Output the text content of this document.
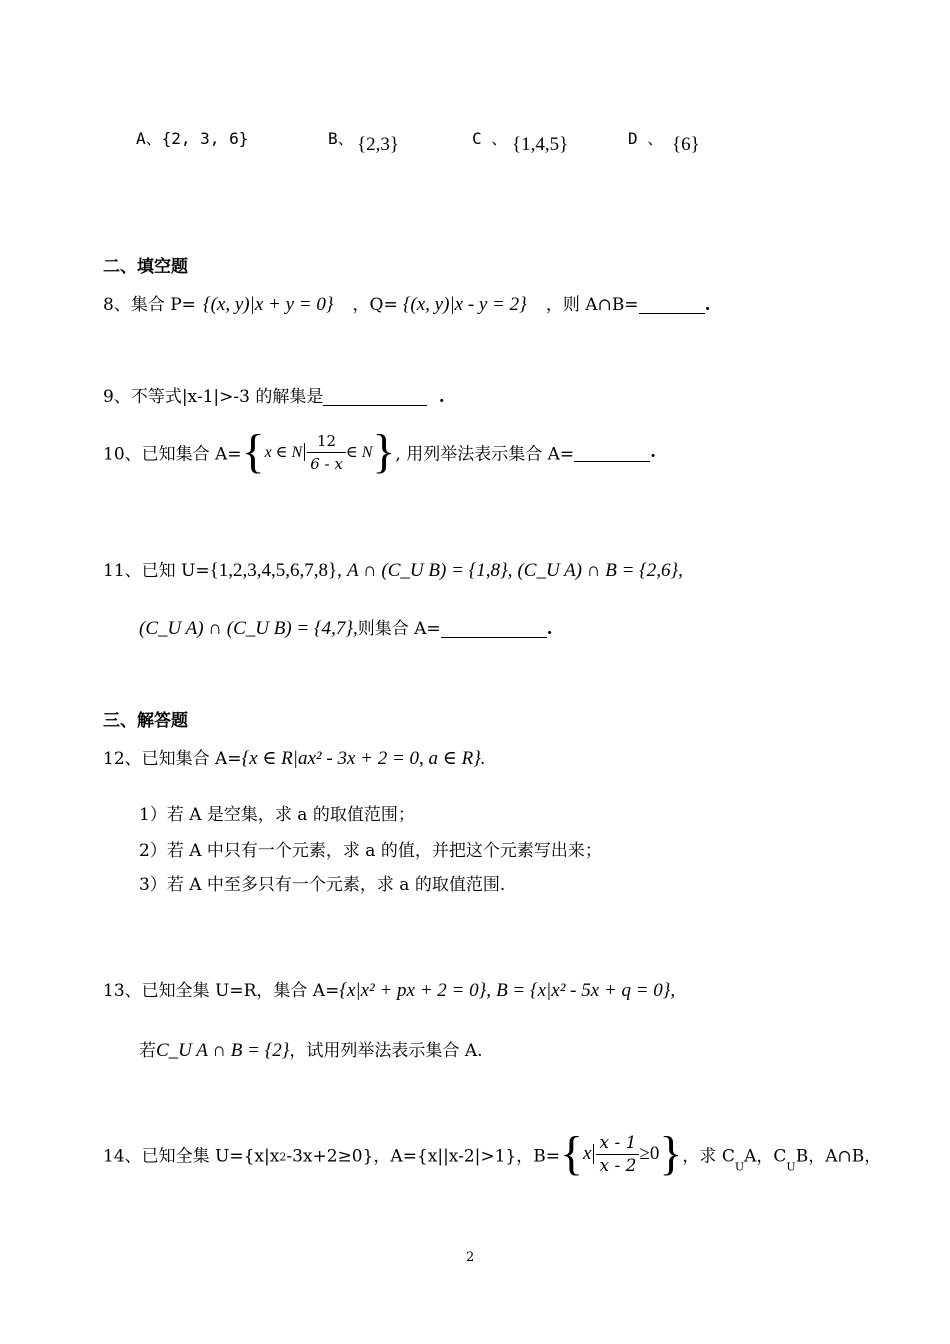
A、{2, 3, 6}	B、 {2,3}	C 、 {1,4,5}	D 、 {6}
二、填空题
8、集合 P= {(x, y)|x + y = 0} ，Q= {(x, y)|x - y = 2} ，则 A∩B=	.
9、不等式|x-1|>-3 的解集是	.
10、已知集合 A={x ∈ N $\frac{12}{6 - x}$ ∈ N}, 用列举法表示集合 A=	.
11、已知 U={1,2,3,4,5,6,7,8}, A ∩ (C_U B) = {1,8}, (C_U A) ∩ B = {2,6},
(C_U A) ∩ (C_U B) = {4,7},则集合 A=	.
三、解答题
12、已知集合 A={x ∈ R|ax² - 3x + 2 = 0, a ∈ R}.
1）若 A 是空集，求 a 的取值范围；
2）若 A 中只有一个元素，求 a 的值，并把这个元素写出来；
3）若 A 中至多只有一个元素，求 a 的取值范围.
13、已知全集 U=R，集合 A={x|x² + px + 2 = 0}, B = {x|x² - 5x + q = 0},
若C_U A ∩ B = {2}，试用列举法表示集合 A.
14、已知全集 U={x|x2-3x+2≥0}，A={x||x-2|>1}，$B=\{x \frac{x - 1}{x - 2} \ge 0\}$，求 $C_UA$，$C_UB$，A∩B，
2
